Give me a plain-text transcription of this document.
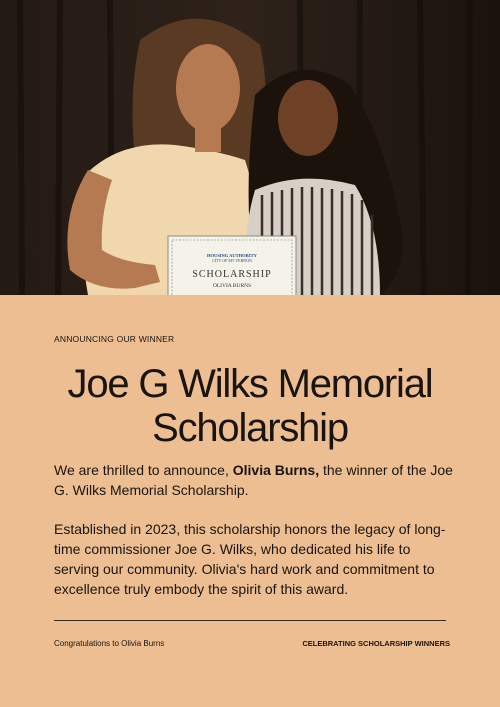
HOUSING AUTHORITY
CITY OF MT VERNON
SCHOLARSHIP
OLIVIA BURNS
ANNOUNCING OUR WINNER
Joe G Wilks Memorial
Scholarship

We are thrilled to announce, Olivia Burns, the winner of the Joe G. Wilks Memorial Scholarship.

Established in 2023, this scholarship honors the legacy of long-time commissioner Joe G. Wilks, who dedicated his life to serving our community. Olivia's hard work and commitment to excellence truly embody the spirit of this award.

Congratulations to Olivia Burns	CELEBRATING SCHOLARSHIP WINNERS
